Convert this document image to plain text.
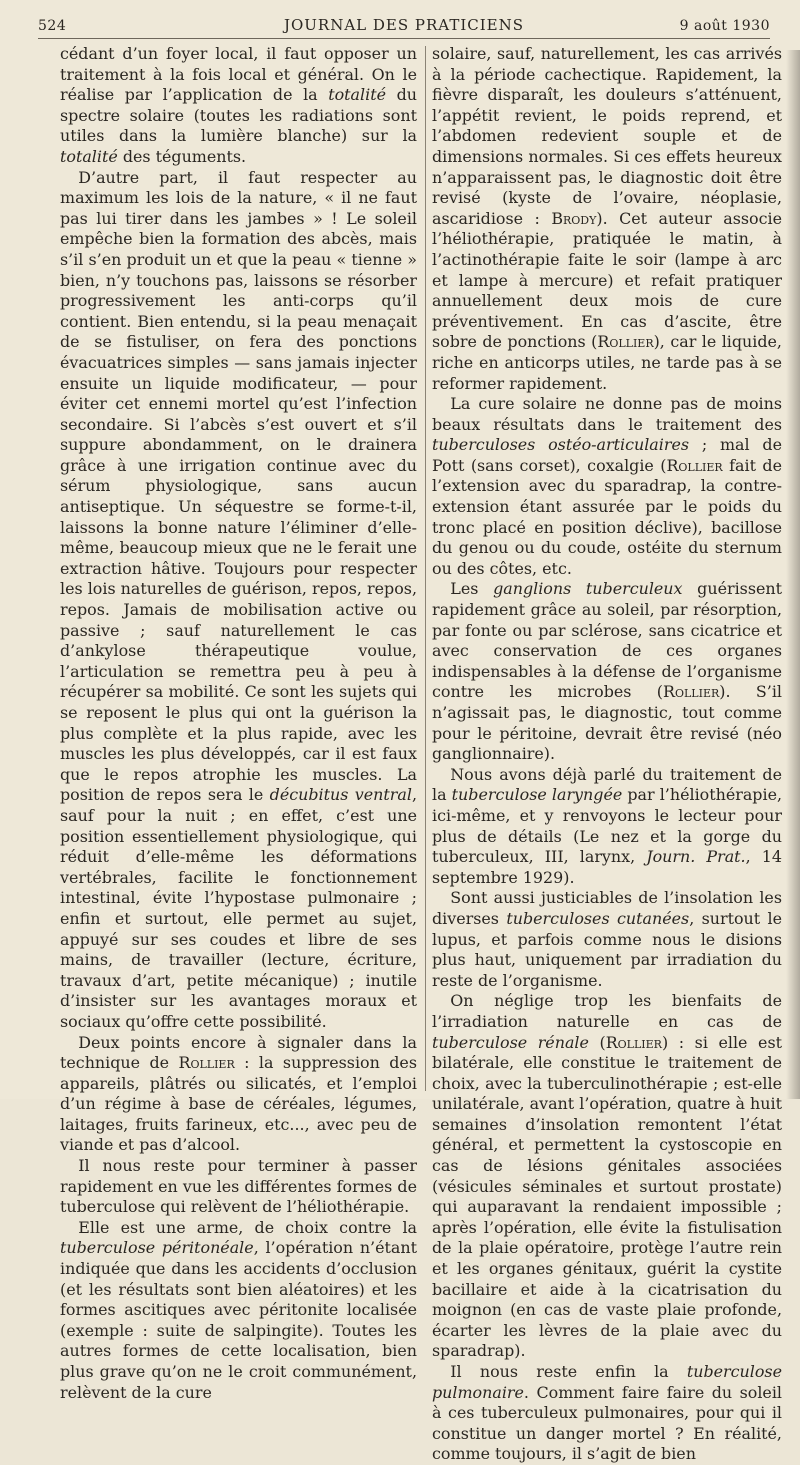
524	JOURNAL DES PRATICIENS	9 août 1930

cédant d’un foyer local, il faut opposer un traitement à la fois local et général. On le réalise par l’application de la totalité du spectre solaire (toutes les radiations sont utiles dans la lumière blanche) sur la totalité des téguments.

D’autre part, il faut respecter au maximum les lois de la nature, « il ne faut pas lui tirer dans les jambes » ! Le soleil empêche bien la formation des abcès, mais s’il s’en produit un et que la peau « tienne » bien, n’y touchons pas, laissons se résorber progressivement les anti-corps qu’il contient. Bien entendu, si la peau menaçait de se fistuliser, on fera des ponctions évacuatrices simples — sans jamais injecter ensuite un liquide modificateur, — pour éviter cet ennemi mortel qu’est l’infection secondaire. Si l’abcès s’est ouvert et s’il suppure abondamment, on le drainera grâce à une irrigation continue avec du sérum physiologique, sans aucun antiseptique. Un séquestre se forme-t-il, laissons la bonne nature l’éliminer d’elle-même, beaucoup mieux que ne le ferait une extraction hâtive. Toujours pour respecter les lois naturelles de guérison, repos, repos, repos. Jamais de mobilisation active ou passive ; sauf naturellement le cas d’ankylose thérapeutique voulue, l’articulation se remettra peu à peu à récupérer sa mobilité. Ce sont les sujets qui se reposent le plus qui ont la guérison la plus complète et la plus rapide, avec les muscles les plus développés, car il est faux que le repos atrophie les muscles. La position de repos sera le décubitus ventral, sauf pour la nuit ; en effet, c’est une position essentiellement physiologique, qui réduit d’elle-même les déformations vertébrales, facilite le fonctionnement intestinal, évite l’hypostase pulmonaire ; enfin et surtout, elle permet au sujet, appuyé sur ses coudes et libre de ses mains, de travailler (lecture, écriture, travaux d’art, petite mécanique) ; inutile d’insister sur les avantages moraux et sociaux qu’offre cette possibilité.

Deux points encore à signaler dans la technique de Rollier : la suppression des appareils, plâtrés ou silicatés, et l’emploi d’un régime à base de céréales, légumes, laitages, fruits farineux, etc..., avec peu de viande et pas d’alcool.

Il nous reste pour terminer à passer rapidement en vue les différentes formes de tuberculose qui relèvent de l’héliothérapie.

Elle est une arme, de choix contre la tuberculose péritonéale, l’opération n’étant indiquée que dans les accidents d’occlusion (et les résultats sont bien aléatoires) et les formes ascitiques avec péritonite localisée (exemple : suite de salpingite). Toutes les autres formes de cette localisation, bien plus grave qu’on ne le croit communément, relèvent de la cure

solaire, sauf, naturellement, les cas arrivés à la période cachectique. Rapidement, la fièvre disparaît, les douleurs s’atténuent, l’appétit revient, le poids reprend, et l’abdomen redevient souple et de dimensions normales. Si ces effets heureux n’apparaissent pas, le diagnostic doit être revisé (kyste de l’ovaire, néoplasie, ascaridiose : Brody). Cet auteur associe l’héliothérapie, pratiquée le matin, à l’actinothérapie faite le soir (lampe à arc et lampe à mercure) et refait pratiquer annuellement deux mois de cure préventivement. En cas d’ascite, être sobre de ponctions (Rollier), car le liquide, riche en anticorps utiles, ne tarde pas à se reformer rapidement.

La cure solaire ne donne pas de moins beaux résultats dans le traitement des tuberculoses ostéo-articulaires ; mal de Pott (sans corset), coxalgie (Rollier fait de l’extension avec du sparadrap, la contre-extension étant assurée par le poids du tronc placé en position déclive), bacillose du genou ou du coude, ostéite du sternum ou des côtes, etc.

Les ganglions tuberculeux guérissent rapidement grâce au soleil, par résorption, par fonte ou par sclérose, sans cicatrice et avec conservation de ces organes indispensables à la défense de l’organisme contre les microbes (Rollier). S’il n’agissait pas, le diagnostic, tout comme pour le péritoine, devrait être revisé (néo ganglionnaire).

Nous avons déjà parlé du traitement de la tuberculose laryngée par l’héliothérapie, ici-même, et y renvoyons le lecteur pour plus de détails (Le nez et la gorge du tuberculeux, III, larynx, Journ. Prat., 14 septembre 1929).

Sont aussi justiciables de l’insolation les diverses tuberculoses cutanées, surtout le lupus, et parfois comme nous le disions plus haut, uniquement par irradiation du reste de l’organisme.

On néglige trop les bienfaits de l’irradiation naturelle en cas de tuberculose rénale (Rollier) : si elle est bilatérale, elle constitue le traitement de choix, avec la tuberculinothérapie ; est-elle unilatérale, avant l’opération, quatre à huit semaines d’insolation remontent l’état général, et permettent la cystoscopie en cas de lésions génitales associées (vésicules séminales et surtout prostate) qui auparavant la rendaient impossible ; après l’opération, elle évite la fistulisation de la plaie opératoire, protège l’autre rein et les organes génitaux, guérit la cystite bacillaire et aide à la cicatrisation du moignon (en cas de vaste plaie profonde, écarter les lèvres de la plaie avec du sparadrap).

Il nous reste enfin la tuberculose pulmonaire. Comment faire faire du soleil à ces tuberculeux pulmonaires, pour qui il constitue un danger mortel ? En réalité, comme toujours, il s’agit de bien
